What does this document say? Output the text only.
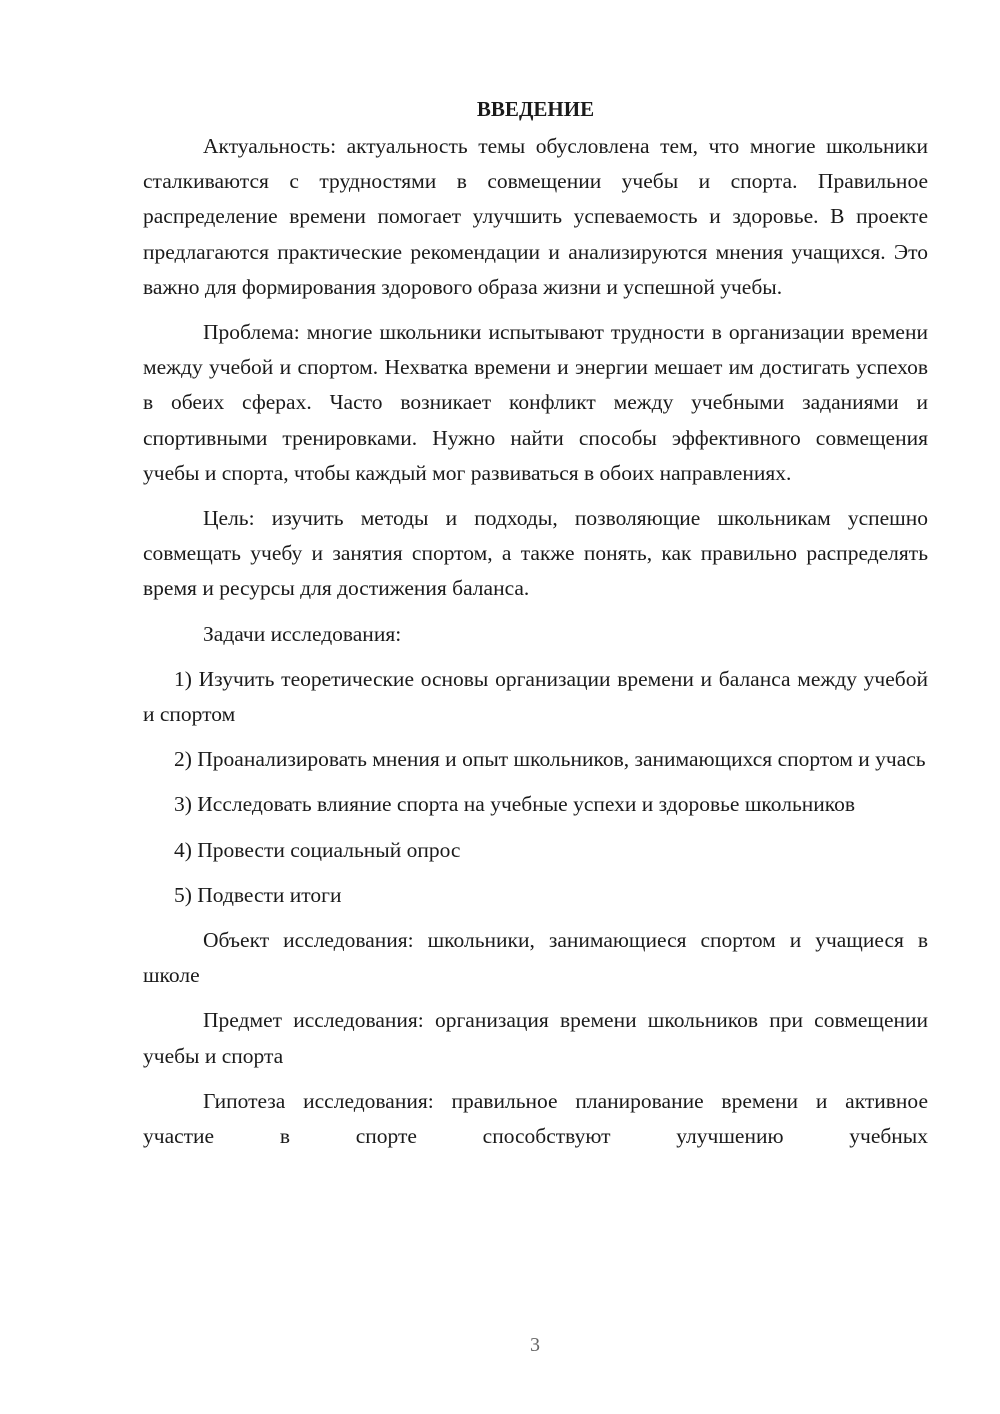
ВВЕДЕНИЕ

Актуальность: актуальность темы обусловлена тем, что многие школьники сталкиваются с трудностями в совмещении учебы и спорта. Правильное распределение времени помогает улучшить успеваемость и здоровье. В проекте предлагаются практические рекомендации и анализируются мнения учащихся. Это важно для формирования здорового образа жизни и успешной учебы.

Проблема: многие школьники испытывают трудности в организации времени между учебой и спортом. Нехватка времени и энергии мешает им достигать успехов в обеих сферах. Часто возникает конфликт между учебными заданиями и спортивными тренировками. Нужно найти способы эффективного совмещения учебы и спорта, чтобы каждый мог развиваться в обоих направлениях.

Цель: изучить методы и подходы, позволяющие школьникам успешно совмещать учебу и занятия спортом, а также понять, как правильно распределять время и ресурсы для достижения баланса.

Задачи исследования:

1) Изучить теоретические основы организации времени и баланса между учебой и спортом

2) Проанализировать мнения и опыт школьников, занимающихся спортом и учась

3) Исследовать влияние спорта на учебные успехи и здоровье школьников

4) Провести социальный опрос

5) Подвести итоги

Объект исследования: школьники, занимающиеся спортом и учащиеся в школе

Предмет исследования: организация времени школьников при совмещении учебы и спорта

Гипотеза исследования: правильное планирование времени и активное участие в спорте способствуют улучшению учебных

3
